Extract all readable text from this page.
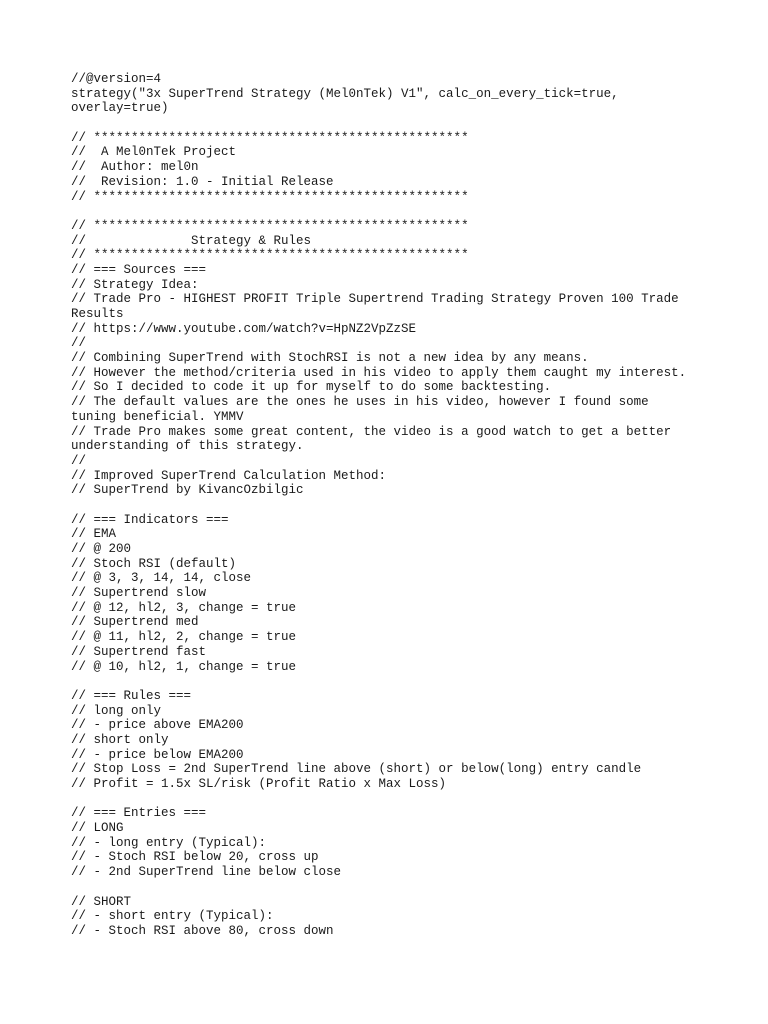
//@version=4
strategy("3x SuperTrend Strategy (Mel0nTek) V1", calc_on_every_tick=true,
overlay=true)
// **************************************************
//  A Mel0nTek Project
//  Author: mel0n
//  Revision: 1.0 - Initial Release
// **************************************************
// **************************************************
//              Strategy & Rules
// **************************************************
// === Sources ===
// Strategy Idea:
// Trade Pro - HIGHEST PROFIT Triple Supertrend Trading Strategy Proven 100 Trade
Results
// https://www.youtube.com/watch?v=HpNZ2VpZzSE
//
// Combining SuperTrend with StochRSI is not a new idea by any means.
// However the method/criteria used in his video to apply them caught my interest.
// So I decided to code it up for myself to do some backtesting.
// The default values are the ones he uses in his video, however I found some
tuning beneficial. YMMV
// Trade Pro makes some great content, the video is a good watch to get a better
understanding of this strategy.
//
// Improved SuperTrend Calculation Method:
// SuperTrend by KivancOzbilgic
// === Indicators ===
// EMA
// @ 200
// Stoch RSI (default)
// @ 3, 3, 14, 14, close
// Supertrend slow
// @ 12, hl2, 3, change = true
// Supertrend med
// @ 11, hl2, 2, change = true
// Supertrend fast
// @ 10, hl2, 1, change = true
// === Rules ===
// long only
// - price above EMA200
// short only
// - price below EMA200
// Stop Loss = 2nd SuperTrend line above (short) or below(long) entry candle
// Profit = 1.5x SL/risk (Profit Ratio x Max Loss)
// === Entries ===
// LONG
// - long entry (Typical):
// - Stoch RSI below 20, cross up
// - 2nd SuperTrend line below close
// SHORT
// - short entry (Typical):
// - Stoch RSI above 80, cross down
